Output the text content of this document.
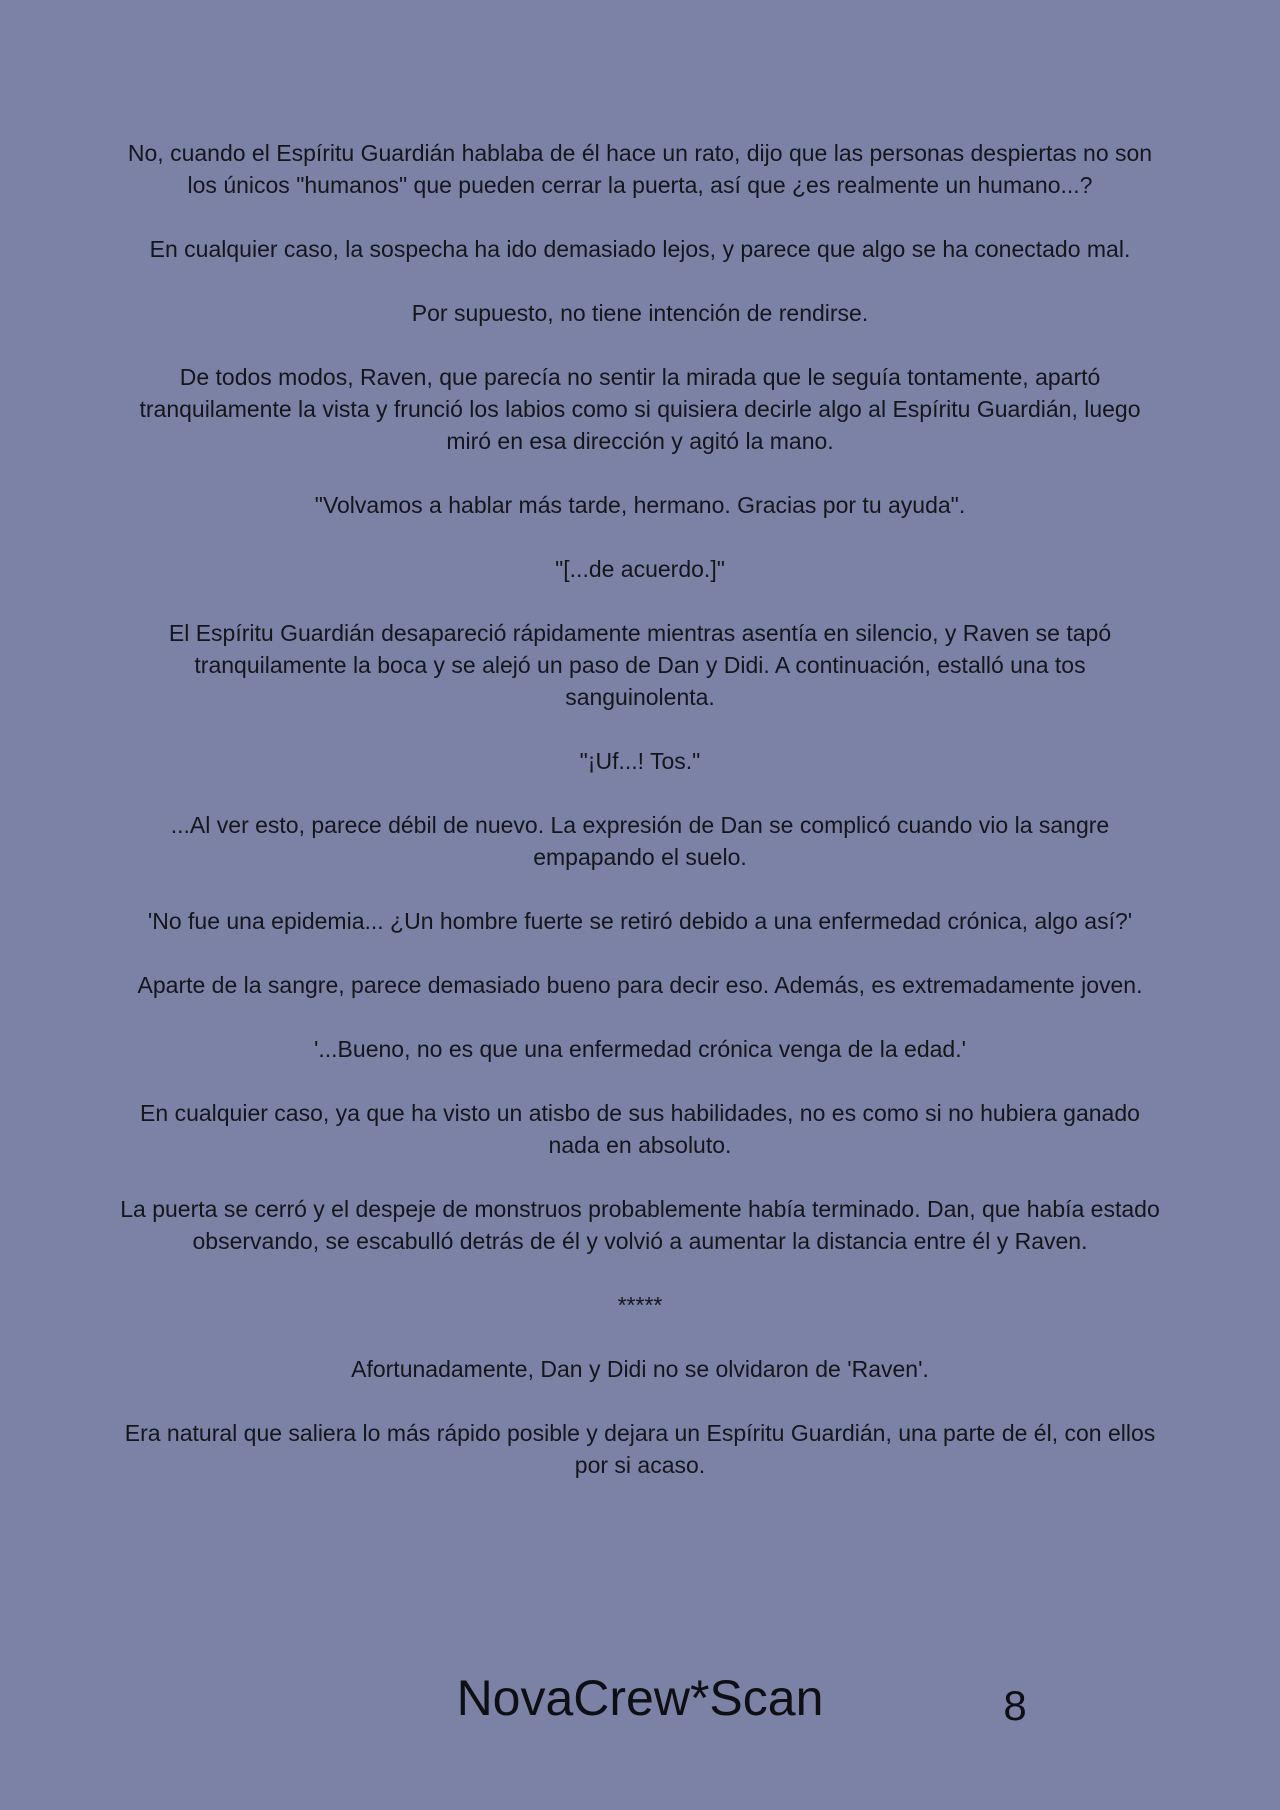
No, cuando el Espíritu Guardián hablaba de él hace un rato, dijo que las personas despiertas no son los únicos "humanos" que pueden cerrar la puerta, así que ¿es realmente un humano...?

En cualquier caso, la sospecha ha ido demasiado lejos, y parece que algo se ha conectado mal.

Por supuesto, no tiene intención de rendirse.

De todos modos, Raven, que parecía no sentir la mirada que le seguía tontamente, apartó tranquilamente la vista y frunció los labios como si quisiera decirle algo al Espíritu Guardián, luego miró en esa dirección y agitó la mano.

"Volvamos a hablar más tarde, hermano. Gracias por tu ayuda".

"[...de acuerdo.]"

El Espíritu Guardián desapareció rápidamente mientras asentía en silencio, y Raven se tapó tranquilamente la boca y se alejó un paso de Dan y Didi. A continuación, estalló una tos sanguinolenta.

"¡Uf...! Tos."

...Al ver esto, parece débil de nuevo. La expresión de Dan se complicó cuando vio la sangre empapando el suelo.

'No fue una epidemia... ¿Un hombre fuerte se retiró debido a una enfermedad crónica, algo así?'

Aparte de la sangre, parece demasiado bueno para decir eso. Además, es extremadamente joven.

'...Bueno, no es que una enfermedad crónica venga de la edad.'

En cualquier caso, ya que ha visto un atisbo de sus habilidades, no es como si no hubiera ganado nada en absoluto.

La puerta se cerró y el despeje de monstruos probablemente había terminado. Dan, que había estado observando, se escabulló detrás de él y volvió a aumentar la distancia entre él y Raven.

*****

Afortunadamente, Dan y Didi no se olvidaron de 'Raven'.

Era natural que saliera lo más rápido posible y dejara un Espíritu Guardián, una parte de él, con ellos por si acaso.

NovaCrew*Scan	8
